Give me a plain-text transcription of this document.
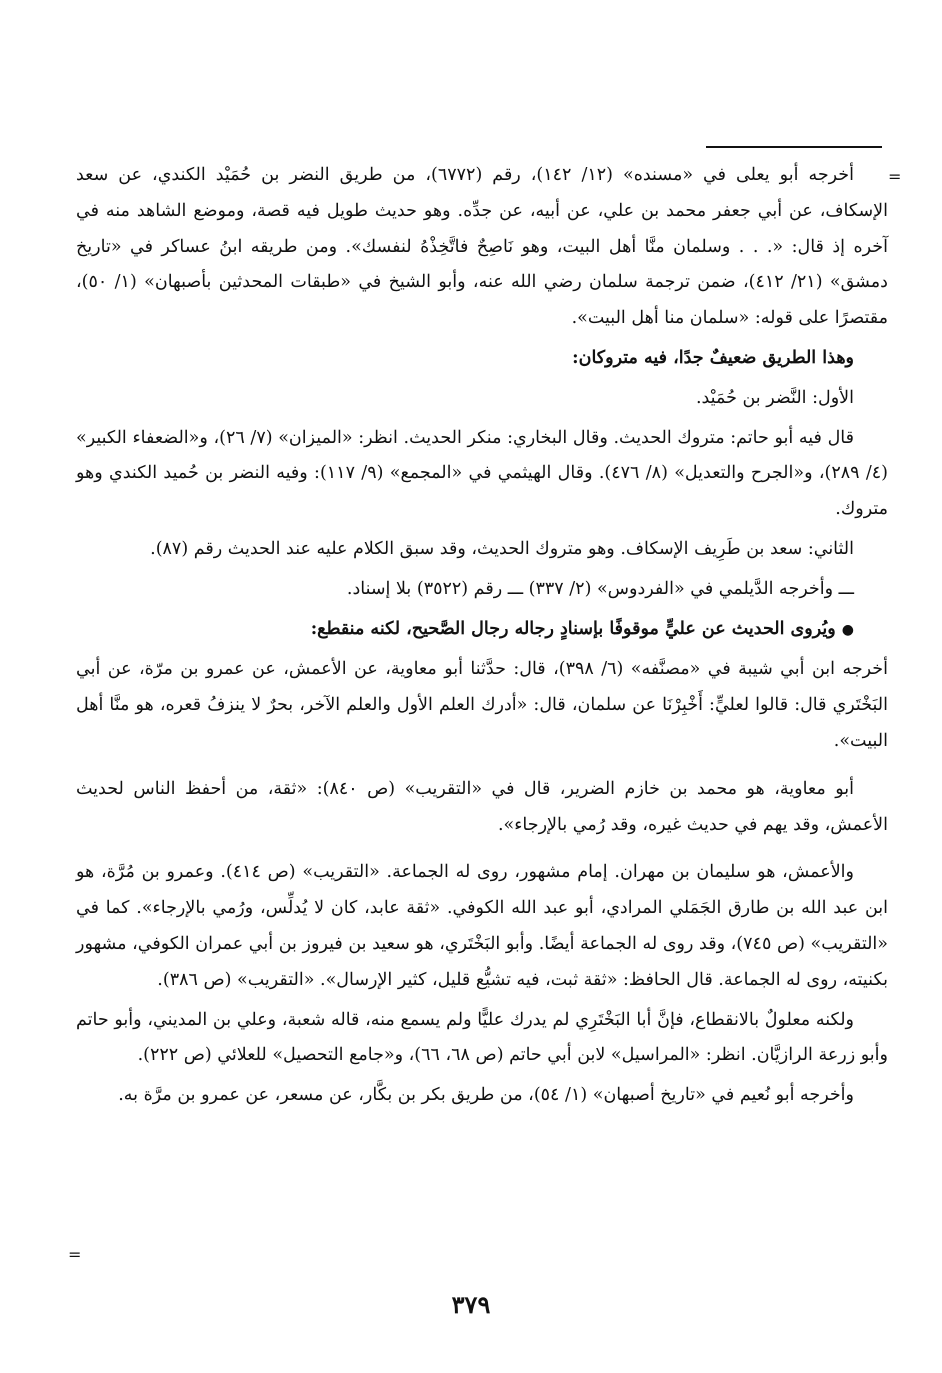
=

أخرجه أبو يعلى في «مسنده» (١٢/ ١٤٢)، رقم (٦٧٧٢)، من طريق النضر بن حُمَيْد الكندي، عن سعد الإسكاف، عن أبي جعفر محمد بن علي، عن أبيه، عن جدِّه. وهو حديث طويل فيه قصة، وموضع الشاهد منه في آخره إذ قال: «. . . وسلمان منَّا أهل البيت، وهو نَاصِحٌ فاتَّخِذْهُ لنفسك». ومن طريقه ابنُ عساكر في «تاريخ دمشق» (٢١/ ٤١٢)، ضمن ترجمة سلمان رضي الله عنه، وأبو الشيخ في «طبقات المحدثين بأصبهان» (١/ ٥٠)، مقتصرًا على قوله: «سلمان منا أهل البيت».

وهذا الطريق ضعيفٌ جدًا، فيه متروكان:

الأول: النَّضر بن حُمَيْد.

قال فيه أبو حاتم: متروك الحديث. وقال البخاري: منكر الحديث. انظر: «الميزان» (٧/ ٢٦)، و«الضعفاء الكبير» (٤/ ٢٨٩)، و«الجرح والتعديل» (٨/ ٤٧٦). وقال الهيثمي في «المجمع» (٩/ ١١٧): وفيه النضر بن حُميد الكندي وهو متروك.

الثاني: سعد بن طَرِيف الإسكاف. وهو متروك الحديث، وقد سبق الكلام عليه عند الحديث رقم (٨٧).

ـــ وأخرجه الدَّيلمي في «الفردوس» (٢/ ٣٣٧) ـــ رقم (٣٥٢٢) بلا إسناد.

● ويُروى الحديث عن عليٍّ موقوفًا بإسنادٍ رجاله رجال الصَّحيح، لكنه منقطع:

أخرجه ابن أبي شيبة في «مصنَّفه» (٦/ ٣٩٨)، قال: حدَّثنا أبو معاوية، عن الأعمش، عن عمرو بن مرّة، عن أبي البَخْتَري قال: قالوا لعليٍّ: أَخْبِرْنَا عن سلمان، قال: «أدرك العلم الأول والعلم الآخر، بحرٌ لا ينزفُ قعره، هو منَّا أهل البيت».

أبو معاوية، هو محمد بن خازم الضرير، قال في «التقريب» (ص ٨٤٠): «ثقة، من أحفظ الناس لحديث الأعمش، وقد يهم في حديث غيره، وقد رُمي بالإرجاء».

والأعمش، هو سليمان بن مهران. إمام مشهور، روى له الجماعة. «التقريب» (ص ٤١٤). وعمرو بن مُرَّة، هو ابن عبد الله بن طارق الجَمَلي المرادي، أبو عبد الله الكوفي. «ثقة عابد، كان لا يُدلِّس، ورُمي بالإرجاء». كما في «التقريب» (ص ٧٤٥)، وقد روى له الجماعة أيضًا. وأبو البَخْتَري، هو سعيد بن فيروز بن أبي عمران الكوفي، مشهور بكنيته، روى له الجماعة. قال الحافظ: «ثقة ثبت، فيه تشيُّع قليل، كثير الإرسال». «التقريب» (ص ٣٨٦).

ولكنه معلولٌ بالانقطاع، فإنَّ أبا البَخْتَرِي لم يدرك عليًّا ولم يسمع منه، قاله شعبة، وعلي بن المديني، وأبو حاتم وأبو زرعة الرازيَّان. انظر: «المراسيل» لابن أبي حاتم (ص ٦٨، ٦٦)، و«جامع التحصيل» للعلائي (ص ٢٢٢).

وأخرجه أبو نُعيم في «تاريخ أصبهان» (١/ ٥٤)، من طريق بكر بن بكَّار، عن مسعر، عن عمرو بن مرَّة به.

=
٣٧٩
